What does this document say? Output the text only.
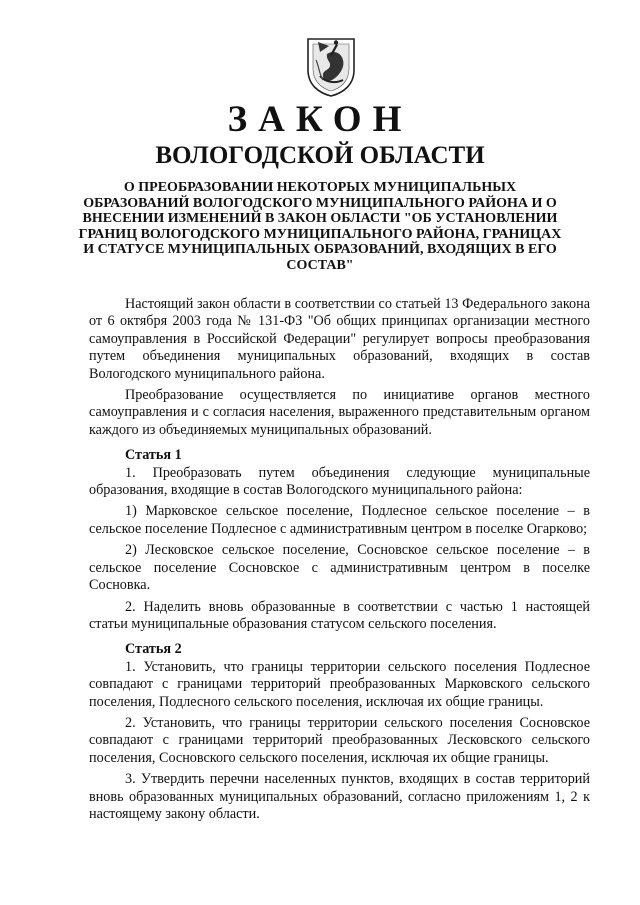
ЗАКОН
ВОЛОГОДСКОЙ ОБЛАСТИ

О ПРЕОБРАЗОВАНИИ НЕКОТОРЫХ МУНИЦИПАЛЬНЫХ ОБРАЗОВАНИЙ ВОЛОГОДСКОГО МУНИЦИПАЛЬНОГО РАЙОНА И О ВНЕСЕНИИ ИЗМЕНЕНИЙ В ЗАКОН ОБЛАСТИ "ОБ УСТАНОВЛЕНИИ ГРАНИЦ ВОЛОГОДСКОГО МУНИЦИПАЛЬНОГО РАЙОНА, ГРАНИЦАХ И СТАТУСЕ МУНИЦИПАЛЬНЫХ ОБРАЗОВАНИЙ, ВХОДЯЩИХ В ЕГО СОСТАВ"

Настоящий закон области в соответствии со статьей 13 Федерального закона от 6 октября 2003 года № 131-ФЗ "Об общих принципах организации местного самоуправления в Российской Федерации" регулирует вопросы преобразования путем объединения муниципальных образований, входящих в состав Вологодского муниципального района.

Преобразование осуществляется по инициативе органов местного самоуправления и с согласия населения, выраженного представительным органом каждого из объединяемых муниципальных образований.

Статья 1

1. Преобразовать путем объединения следующие муниципальные образования, входящие в состав Вологодского муниципального района:

1) Марковское сельское поселение, Подлесное сельское поселение – в сельское поселение Подлесное с административным центром в поселке Огарково;

2) Лесковское сельское поселение, Сосновское сельское поселение – в сельское поселение Сосновское с административным центром в поселке Сосновка.

2. Наделить вновь образованные в соответствии с частью 1 настоящей статьи муниципальные образования статусом сельского поселения.

Статья 2

1. Установить, что границы территории сельского поселения Подлесное совпадают с границами территорий преобразованных Марковского сельского поселения, Подлесного сельского поселения, исключая их общие границы.

2. Установить, что границы территории сельского поселения Сосновское совпадают с границами территорий преобразованных Лесковского сельского поселения, Сосновского сельского поселения, исключая их общие границы.

3. Утвердить перечни населенных пунктов, входящих в состав территорий вновь образованных муниципальных образований, согласно приложениям 1, 2 к настоящему закону области.
